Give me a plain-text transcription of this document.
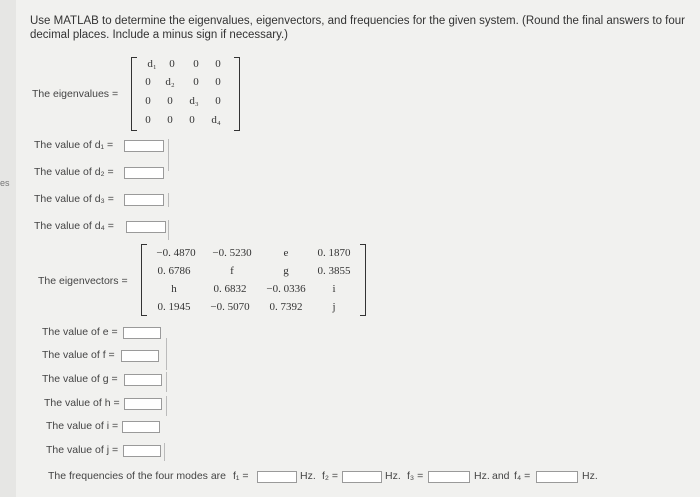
es
Use MATLAB to determine the eigenvalues, eigenvectors, and frequencies for the given system. (Round the final answers to four decimal places. Include a minus sign if necessary.)
The eigenvalues =
d₁	0	0	0
0	d₂	0	0
0	0	d₃	0
0	0	0	d₄
The value of d₁ =
The value of d₂ =
The value of d₃ =
The value of d₄ =
The eigenvectors =
−0. 4870	−0. 5230	e	0. 1870
0. 6786	f	g	0. 3855
h	0. 6832	−0. 0336	i
0. 1945	−0. 5070	0. 7392	j
The value of e =
The value of f =
The value of g =
The value of h =
The value of i =
The value of j =
The frequencies of the four modes are f₁ =	Hz. f₂ =	Hz. f₃ =	Hz. and f₄ =	Hz.
